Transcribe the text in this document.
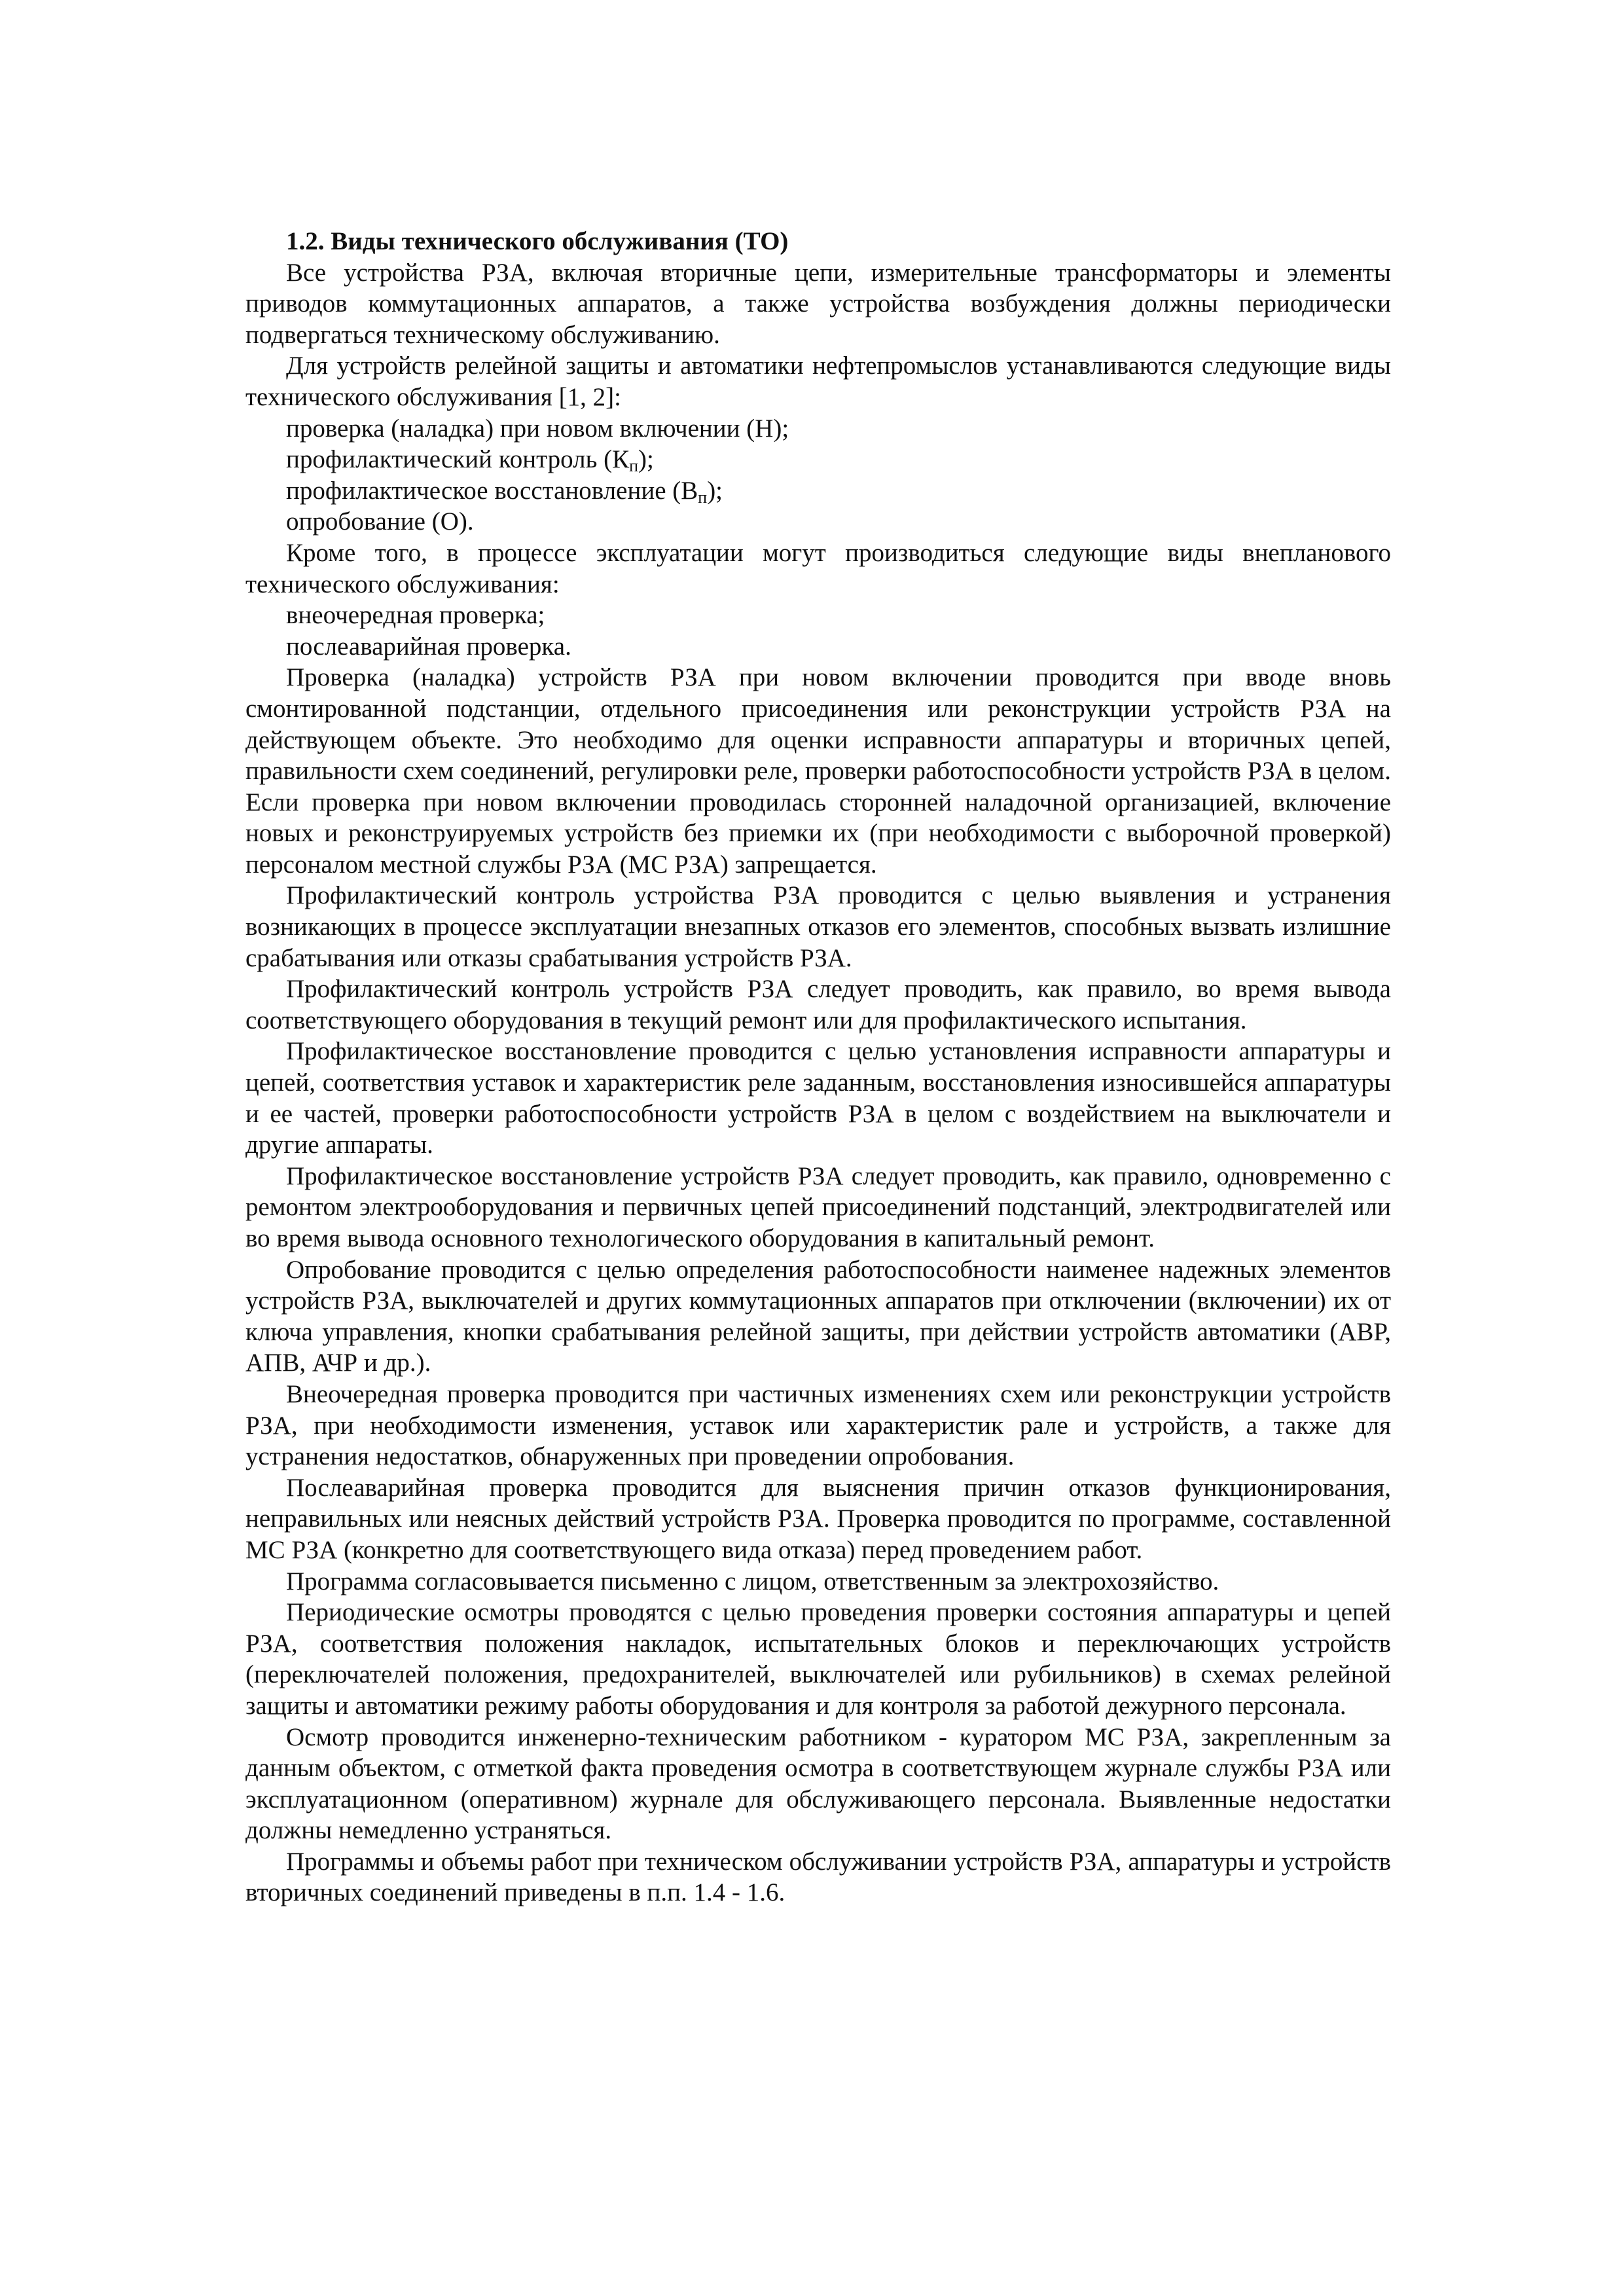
1.2. Виды технического обслуживания (ТО)

Все устройства РЗА, включая вторичные цепи, измерительные трансформаторы и элементы приводов коммутационных аппаратов, а также устройства возбуждения должны периодически подвергаться техническому обслуживанию.

Для устройств релейной защиты и автоматики нефтепромыслов устанавливаются следующие виды технического обслуживания [1, 2]:

проверка (наладка) при новом включении (Н);

профилактический контроль $(К_п)$;

профилактическое восстановление $(В_п)$;

опробование (О).

Кроме того, в процессе эксплуатации могут производиться следующие виды внепланового технического обслуживания:

внеочередная проверка;

послеаварийная проверка.

Проверка (наладка) устройств РЗА при новом включении проводится при вводе вновь смонтированной подстанции, отдельного присоединения или реконструкции устройств РЗА на действующем объекте. Это необходимо для оценки исправности аппаратуры и вторичных цепей, правильности схем соединений, регулировки реле, проверки работоспособности устройств РЗА в целом. Если проверка при новом включении проводилась сторонней наладочной организацией, включение новых и реконструируемых устройств без приемки их (при необходимости с выборочной проверкой) персоналом местной службы РЗА (МС РЗА) запрещается.

Профилактический контроль устройства РЗА проводится с целью выявления и устранения возникающих в процессе эксплуатации внезапных отказов его элементов, способных вызвать излишние срабатывания или отказы срабатывания устройств РЗА.

Профилактический контроль устройств РЗА следует проводить, как правило, во время вывода соответствующего оборудования в текущий ремонт или для профилактического испытания.

Профилактическое восстановление проводится с целью установления исправности аппаратуры и цепей, соответствия уставок и характеристик реле заданным, восстановления износившейся аппаратуры и ее частей, проверки работоспособности устройств РЗА в целом с воздействием на выключатели и другие аппараты.

Профилактическое восстановление устройств РЗА следует проводить, как правило, одновременно с ремонтом электрооборудования и первичных цепей присоединений подстанций, электродвигателей или во время вывода основного технологического оборудования в капитальный ремонт.

Опробование проводится с целью определения работоспособности наименее надежных элементов устройств РЗА, выключателей и других коммутационных аппаратов при отключении (включении) их от ключа управления, кнопки срабатывания релейной защиты, при действии устройств автоматики (АВР, АПВ, АЧР и др.).

Внеочередная проверка проводится при частичных изменениях схем или реконструкции устройств РЗА, при необходимости изменения, уставок или характеристик рале и устройств, а также для устранения недостатков, обнаруженных при проведении опробования.

Послеаварийная проверка проводится для выяснения причин отказов функционирования, неправильных или неясных действий устройств РЗА. Проверка проводится по программе, составленной МС РЗА (конкретно для соответствующего вида отказа) перед проведением работ.

Программа согласовывается письменно с лицом, ответственным за электрохозяйство.

Периодические осмотры проводятся с целью проведения проверки состояния аппаратуры и цепей РЗА, соответствия положения накладок, испытательных блоков и переключающих устройств (переключателей положения, предохранителей, выключателей или рубильников) в схемах релейной защиты и автоматики режиму работы оборудования и для контроля за работой дежурного персонала.

Осмотр проводится инженерно-техническим работником - куратором МС РЗА, закрепленным за данным объектом, с отметкой факта проведения осмотра в соответствующем журнале службы РЗА или эксплуатационном (оперативном) журнале для обслуживающего персонала. Выявленные недостатки должны немедленно устраняться.

Программы и объемы работ при техническом обслуживании устройств РЗА, аппаратуры и устройств вторичных соединений приведены в п.п. 1.4 - 1.6.
